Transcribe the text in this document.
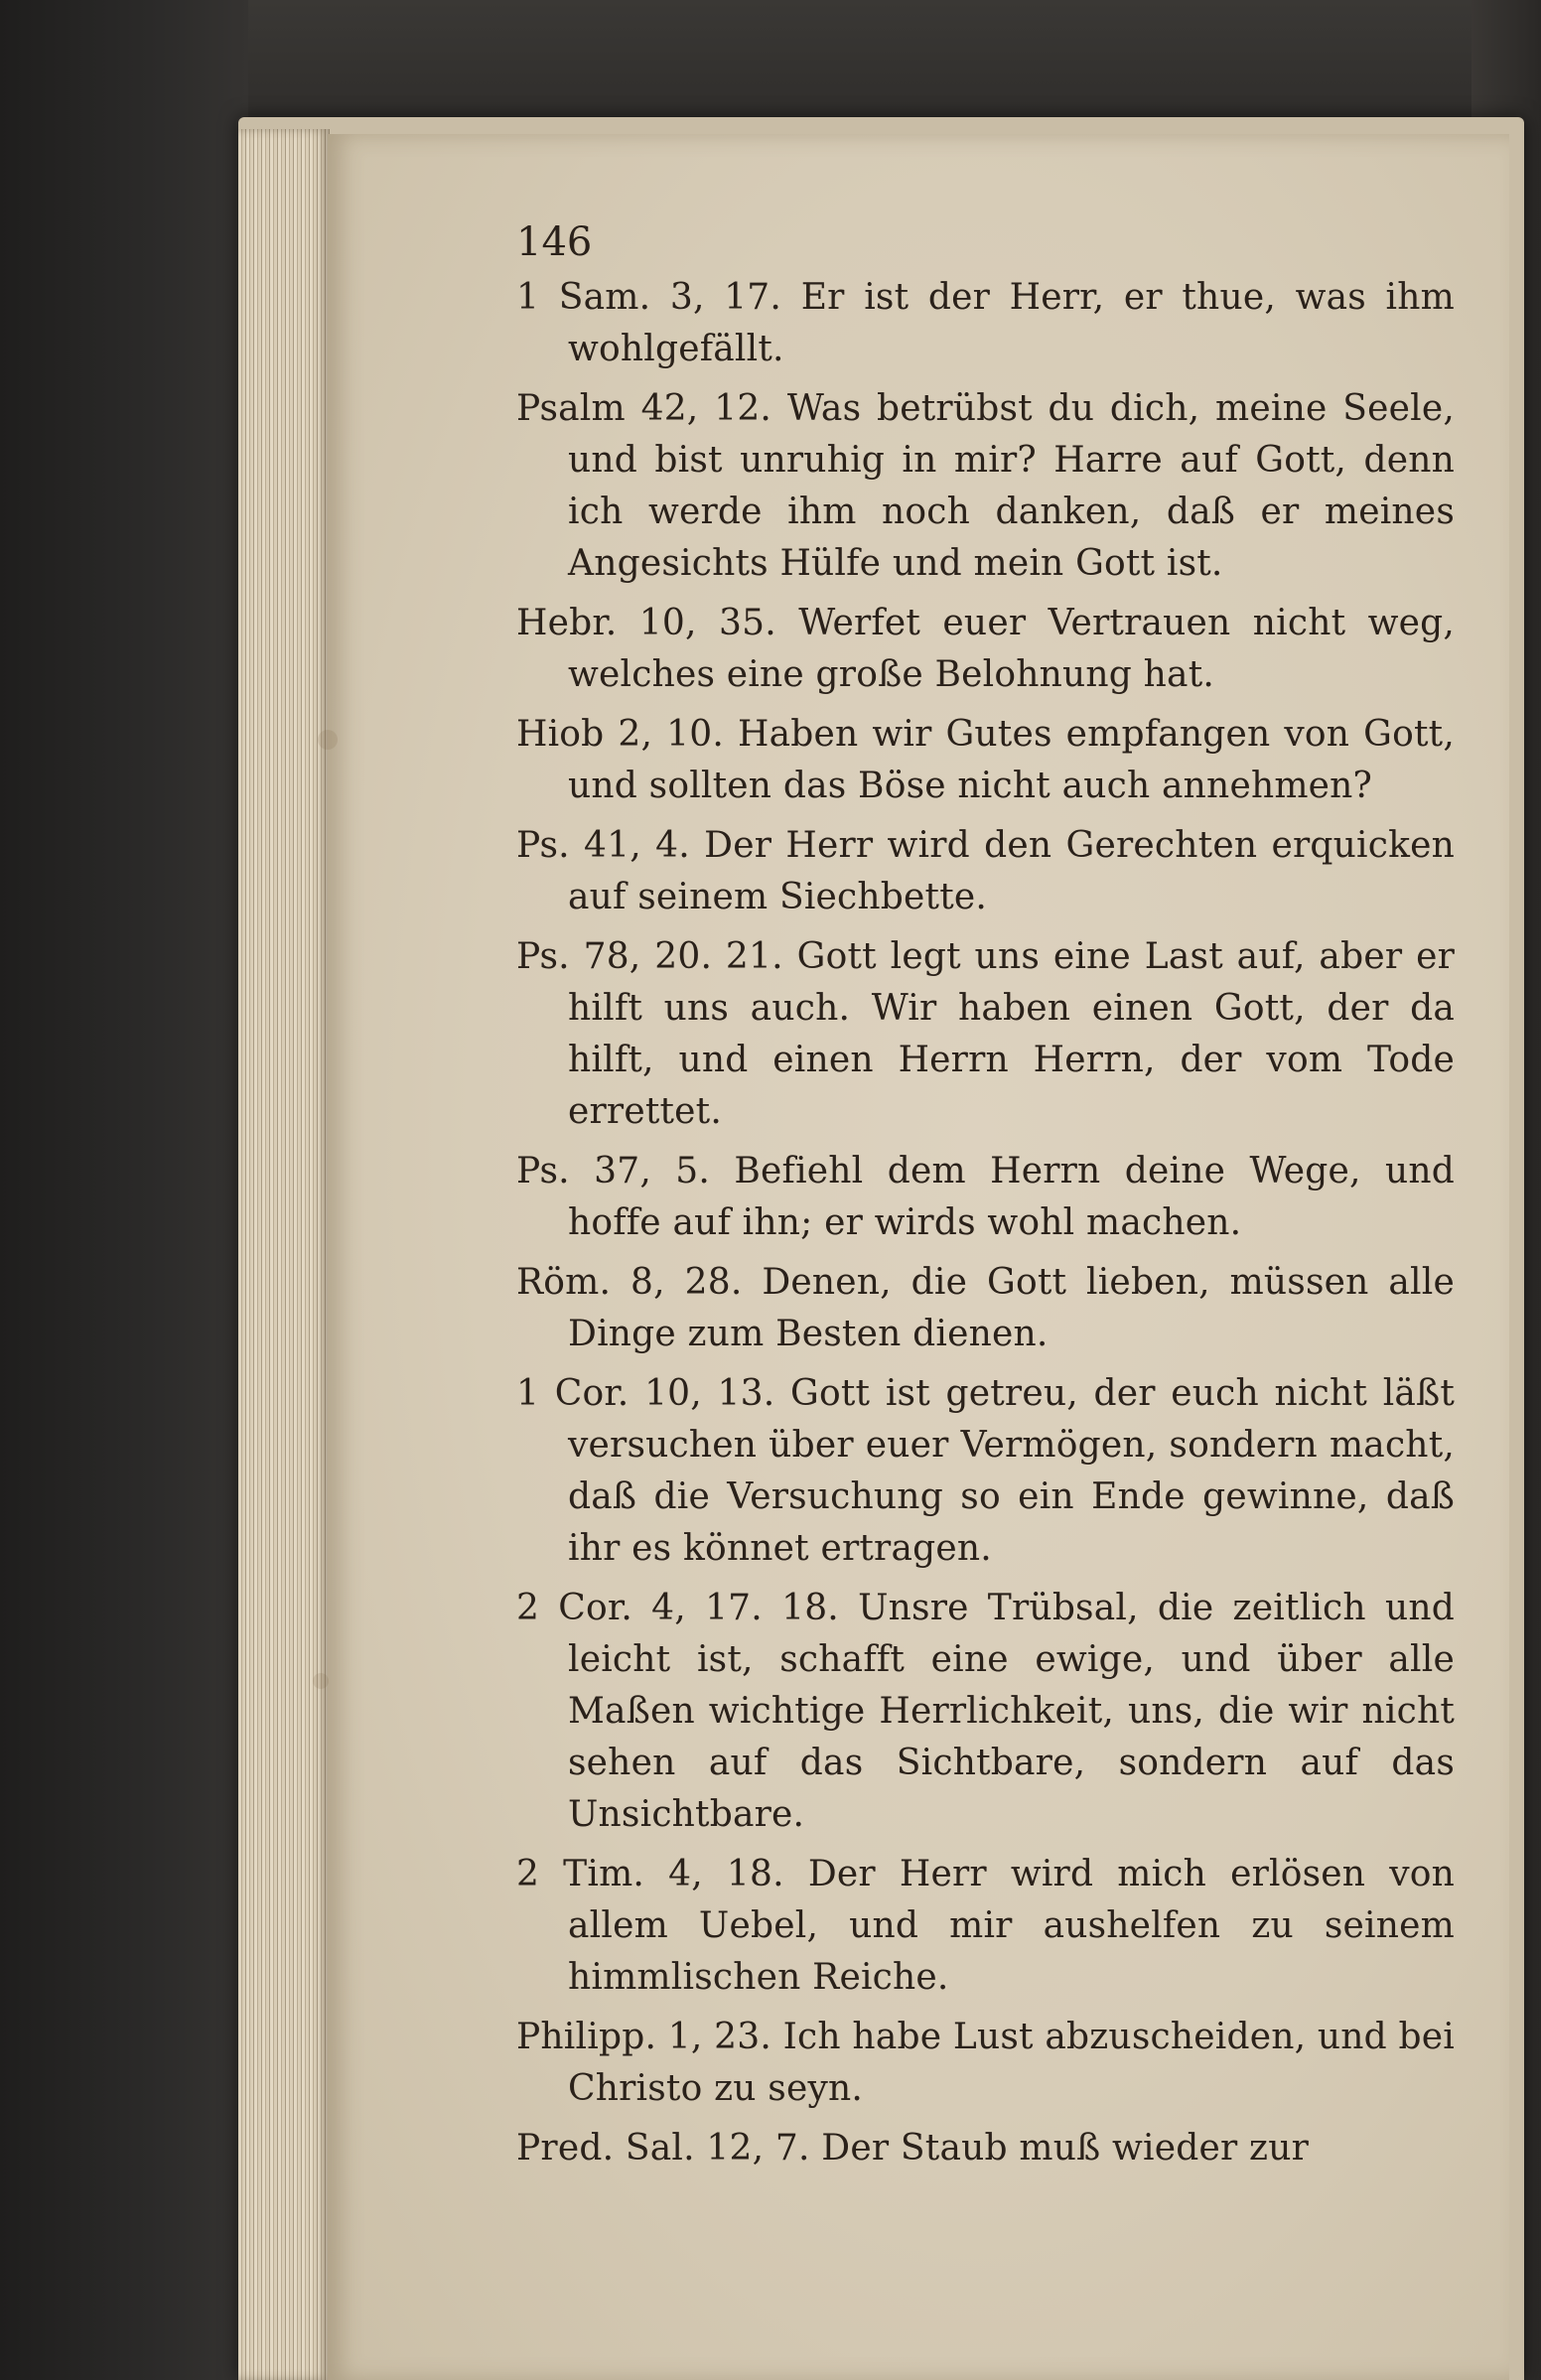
146

1 Sam. 3, 17. Er ist der Herr, er thue, was ihm wohlgefällt.

Psalm 42, 12. Was betrübst du dich, meine Seele, und bist unruhig in mir? Harre auf Gott, denn ich werde ihm noch danken, daß er meines Angesichts Hülfe und mein Gott ist.

Hebr. 10, 35. Werfet euer Vertrauen nicht weg, welches eine große Belohnung hat.

Hiob 2, 10. Haben wir Gutes empfangen von Gott, und sollten das Böse nicht auch annehmen?

Ps. 41, 4. Der Herr wird den Gerechten erquicken auf seinem Siechbette.

Ps. 78, 20. 21. Gott legt uns eine Last auf, aber er hilft uns auch. Wir haben einen Gott, der da hilft, und einen Herrn Herrn, der vom Tode errettet.

Ps. 37, 5. Befiehl dem Herrn deine Wege, und hoffe auf ihn; er wirds wohl machen.

Röm. 8, 28. Denen, die Gott lieben, müssen alle Dinge zum Besten dienen.

1 Cor. 10, 13. Gott ist getreu, der euch nicht läßt versuchen über euer Vermögen, sondern macht, daß die Versuchung so ein Ende gewinne, daß ihr es könnet ertragen.

2 Cor. 4, 17. 18. Unsre Trübsal, die zeitlich und leicht ist, schafft eine ewige, und über alle Maßen wichtige Herrlichkeit, uns, die wir nicht sehen auf das Sichtbare, sondern auf das Unsichtbare.

2 Tim. 4, 18. Der Herr wird mich erlösen von allem Uebel, und mir aushelfen zu seinem himmlischen Reiche.

Philipp. 1, 23. Ich habe Lust abzuscheiden, und bei Christo zu seyn.

Pred. Sal. 12, 7. Der Staub muß wieder zur
